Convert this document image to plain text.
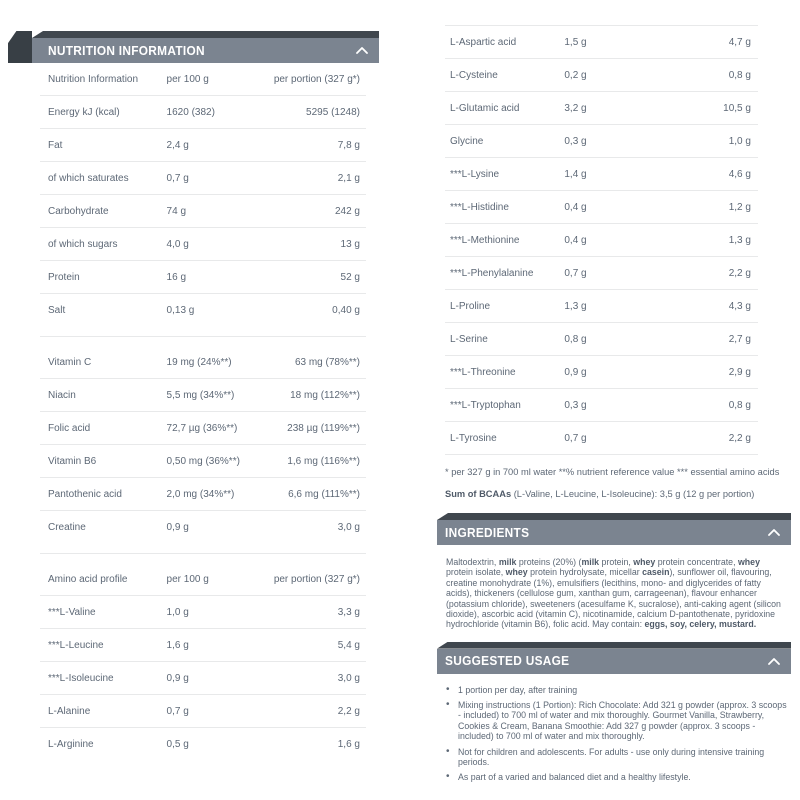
NUTRITION INFORMATION
Nutrition Information	per 100 g	per portion (327 g*)
Energy kJ (kcal)	1620 (382)	5295 (1248)
Fat	2,4 g	7,8 g
of which saturates	0,7 g	2,1 g
Carbohydrate	74 g	242 g
of which sugars	4,0 g	13 g
Protein	16 g	52 g
Salt	0,13 g	0,40 g
Vitamin C	19 mg (24%**)	63 mg (78%**)
Niacin	5,5 mg (34%**)	18 mg (112%**)
Folic acid	72,7 µg (36%**)	238 µg (119%**)
Vitamin B6	0,50 mg (36%**)	1,6 mg (116%**)
Pantothenic acid	2,0 mg (34%**)	6,6 mg (111%**)
Creatine	0,9 g	3,0 g
Amino acid profile	per 100 g	per portion (327 g*)
***L-Valine	1,0 g	3,3 g
***L-Leucine	1,6 g	5,4 g
***L-Isoleucine	0,9 g	3,0 g
L-Alanine	0,7 g	2,2 g
L-Arginine	0,5 g	1,6 g
L-Aspartic acid	1,5 g	4,7 g
L-Cysteine	0,2 g	0,8 g
L-Glutamic acid	3,2 g	10,5 g
Glycine	0,3 g	1,0 g
***L-Lysine	1,4 g	4,6 g
***L-Histidine	0,4 g	1,2 g
***L-Methionine	0,4 g	1,3 g
***L-Phenylalanine	0,7 g	2,2 g
L-Proline	1,3 g	4,3 g
L-Serine	0,8 g	2,7 g
***L-Threonine	0,9 g	2,9 g
***L-Tryptophan	0,3 g	0,8 g
L-Tyrosine	0,7 g	2,2 g

* per 327 g in 700 ml water **% nutrient reference value *** essential amino acids

Sum of BCAAs (L-Valine, L-Leucine, L-Isoleucine): 3,5 g (12 g per portion)

INGREDIENTS

Maltodextrin, milk proteins (20%) (milk protein, whey protein concentrate, whey protein isolate, whey protein hydrolysate, micellar casein), sunflower oil, flavouring, creatine monohydrate (1%), emulsifiers (lecithins, mono- and diglycerides of fatty acids), thickeners (cellulose gum, xanthan gum, carrageenan), flavour enhancer (potassium chloride), sweeteners (acesulfame K, sucralose), anti-caking agent (silicon dioxide), ascorbic acid (vitamin C), nicotinamide, calcium D-pantothenate, pyridoxine hydrochloride (vitamin B6), folic acid. May contain: eggs, soy, celery, mustard.

SUGGESTED USAGE
• 1 portion per day, after training
• Mixing instructions (1 Portion): Rich Chocolate: Add 321 g powder (approx. 3 scoops - included) to 700 ml of water and mix thoroughly. Gourmet Vanilla, Strawberry, Cookies & Cream, Banana Smoothie: Add 327 g powder (approx. 3 scoops - included) to 700 ml of water and mix thoroughly.
• Not for children and adolescents. For adults - use only during intensive training periods.
• As part of a varied and balanced diet and a healthy lifestyle.
